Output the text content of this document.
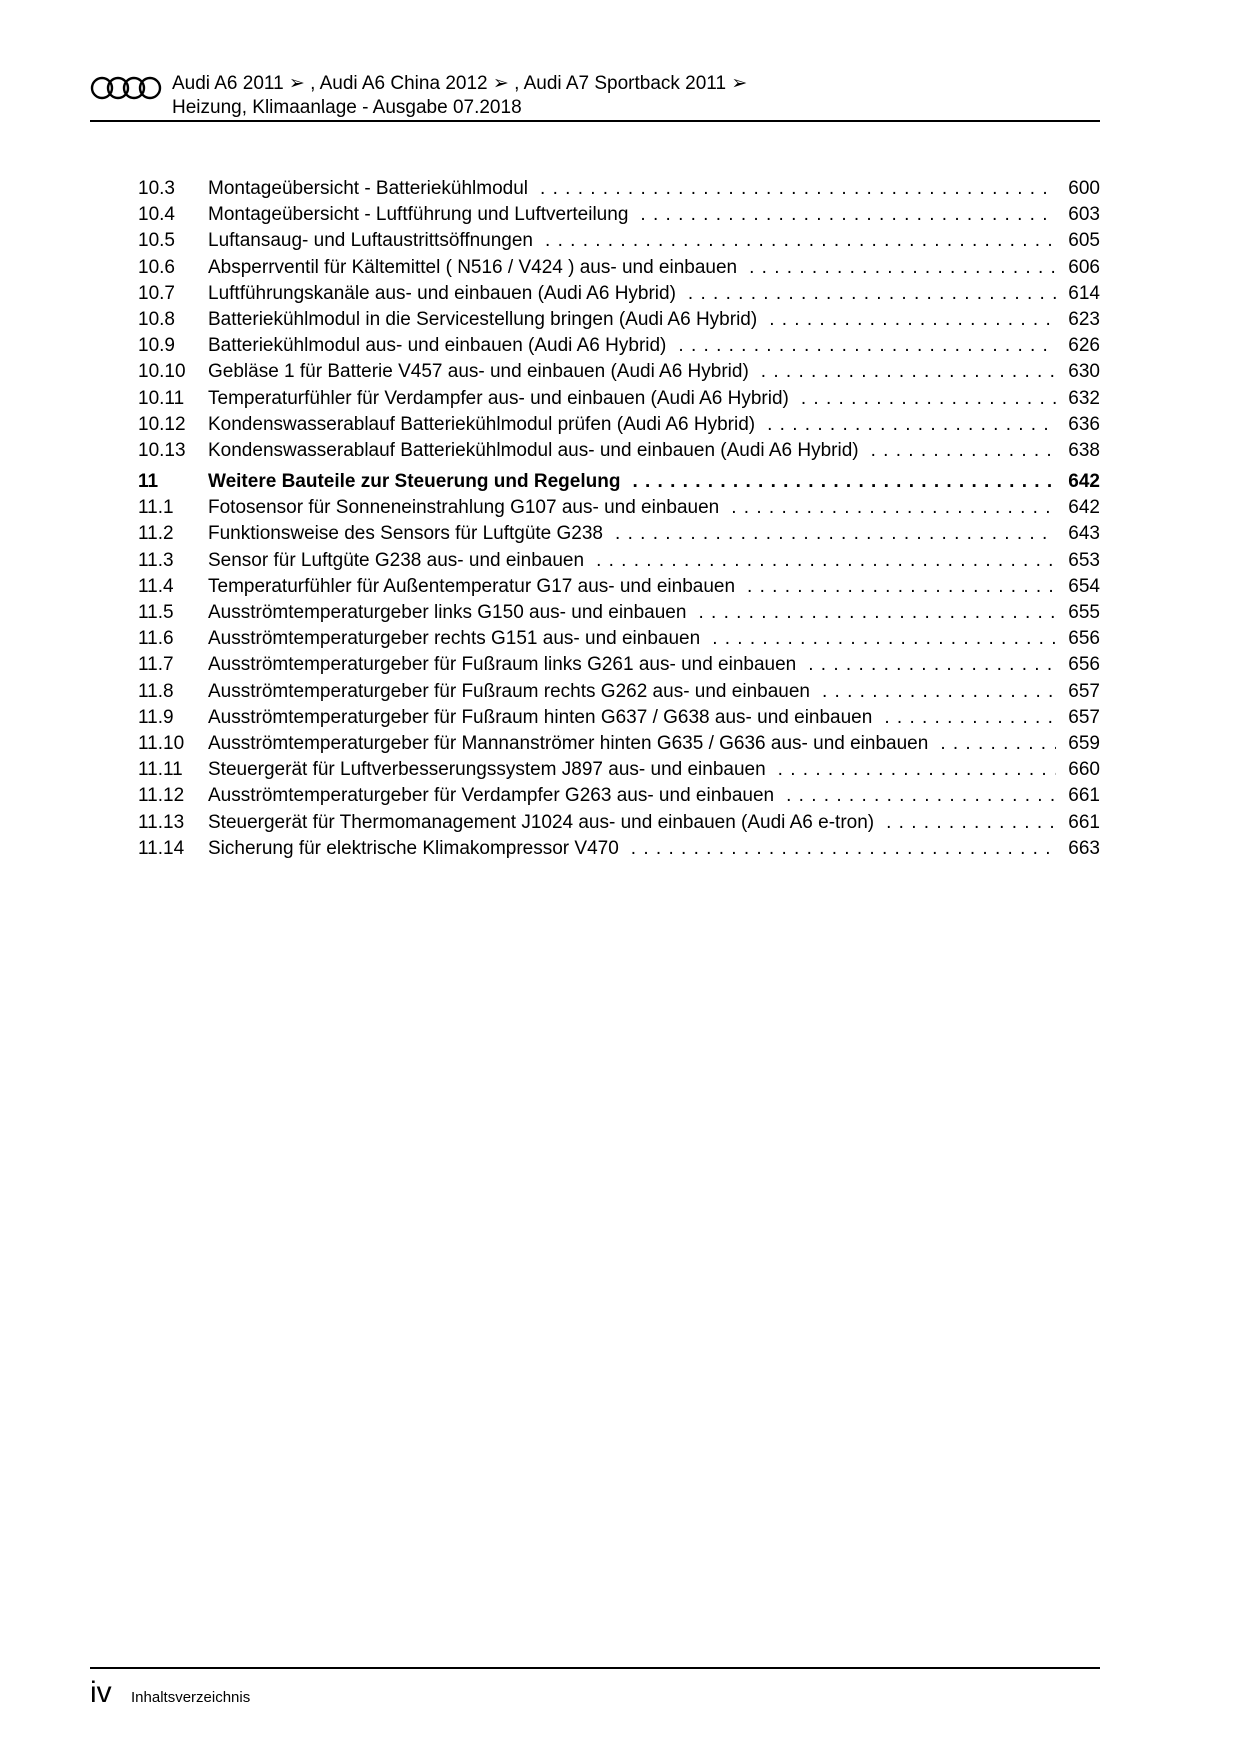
Audi A6 2011 ➢ , Audi A6 China 2012 ➢ , Audi A7 Sportback 2011 ➢
Heizung, Klimaanlage - Ausgabe 07.2018
10.3	Montageübersicht - Batteriekühlmodul . . .	600
10.4	Montageübersicht - Luftführung und Luftverteilung . . .	603
10.5	Luftansaug- und Luftaustrittsöffnungen . . .	605
10.6	Absperrventil für Kältemittel ( N516 / V424 ) aus- und einbauen . . .	606
10.7	Luftführungskanäle aus- und einbauen (Audi A6 Hybrid) . . .	614
10.8	Batteriekühlmodul in die Servicestellung bringen (Audi A6 Hybrid) . . .	623
10.9	Batteriekühlmodul aus- und einbauen (Audi A6 Hybrid) . . .	626
10.10	Gebläse 1 für Batterie V457 aus- und einbauen (Audi A6 Hybrid) . . .	630
10.11	Temperaturfühler für Verdampfer aus- und einbauen (Audi A6 Hybrid) . . .	632
10.12	Kondenswasserablauf Batteriekühlmodul prüfen (Audi A6 Hybrid) . . .	636
10.13	Kondenswasserablauf Batteriekühlmodul aus- und einbauen (Audi A6 Hybrid) . . .	638
11	Weitere Bauteile zur Steuerung und Regelung . . .	642
11.1	Fotosensor für Sonneneinstrahlung G107 aus- und einbauen . . .	642
11.2	Funktionsweise des Sensors für Luftgüte G238 . . .	643
11.3	Sensor für Luftgüte G238 aus- und einbauen . . .	653
11.4	Temperaturfühler für Außentemperatur G17 aus- und einbauen . . .	654
11.5	Ausströmtemperaturgeber links G150 aus- und einbauen . . .	655
11.6	Ausströmtemperaturgeber rechts G151 aus- und einbauen . . .	656
11.7	Ausströmtemperaturgeber für Fußraum links G261 aus- und einbauen . . .	656
11.8	Ausströmtemperaturgeber für Fußraum rechts G262 aus- und einbauen . . .	657
11.9	Ausströmtemperaturgeber für Fußraum hinten G637 / G638 aus- und einbauen . . .	657
11.10	Ausströmtemperaturgeber für Mannanströmer hinten G635 / G636 aus- und einbauen . . .	659
11.11	Steuergerät für Luftverbesserungssystem J897 aus- und einbauen . . .	660
11.12	Ausströmtemperaturgeber für Verdampfer G263 aus- und einbauen . . .	661
11.13	Steuergerät für Thermomanagement J1024 aus- und einbauen (Audi A6 e-tron) . . .	661
11.14	Sicherung für elektrische Klimakompressor V470 . . .	663
iv Inhaltsverzeichnis
